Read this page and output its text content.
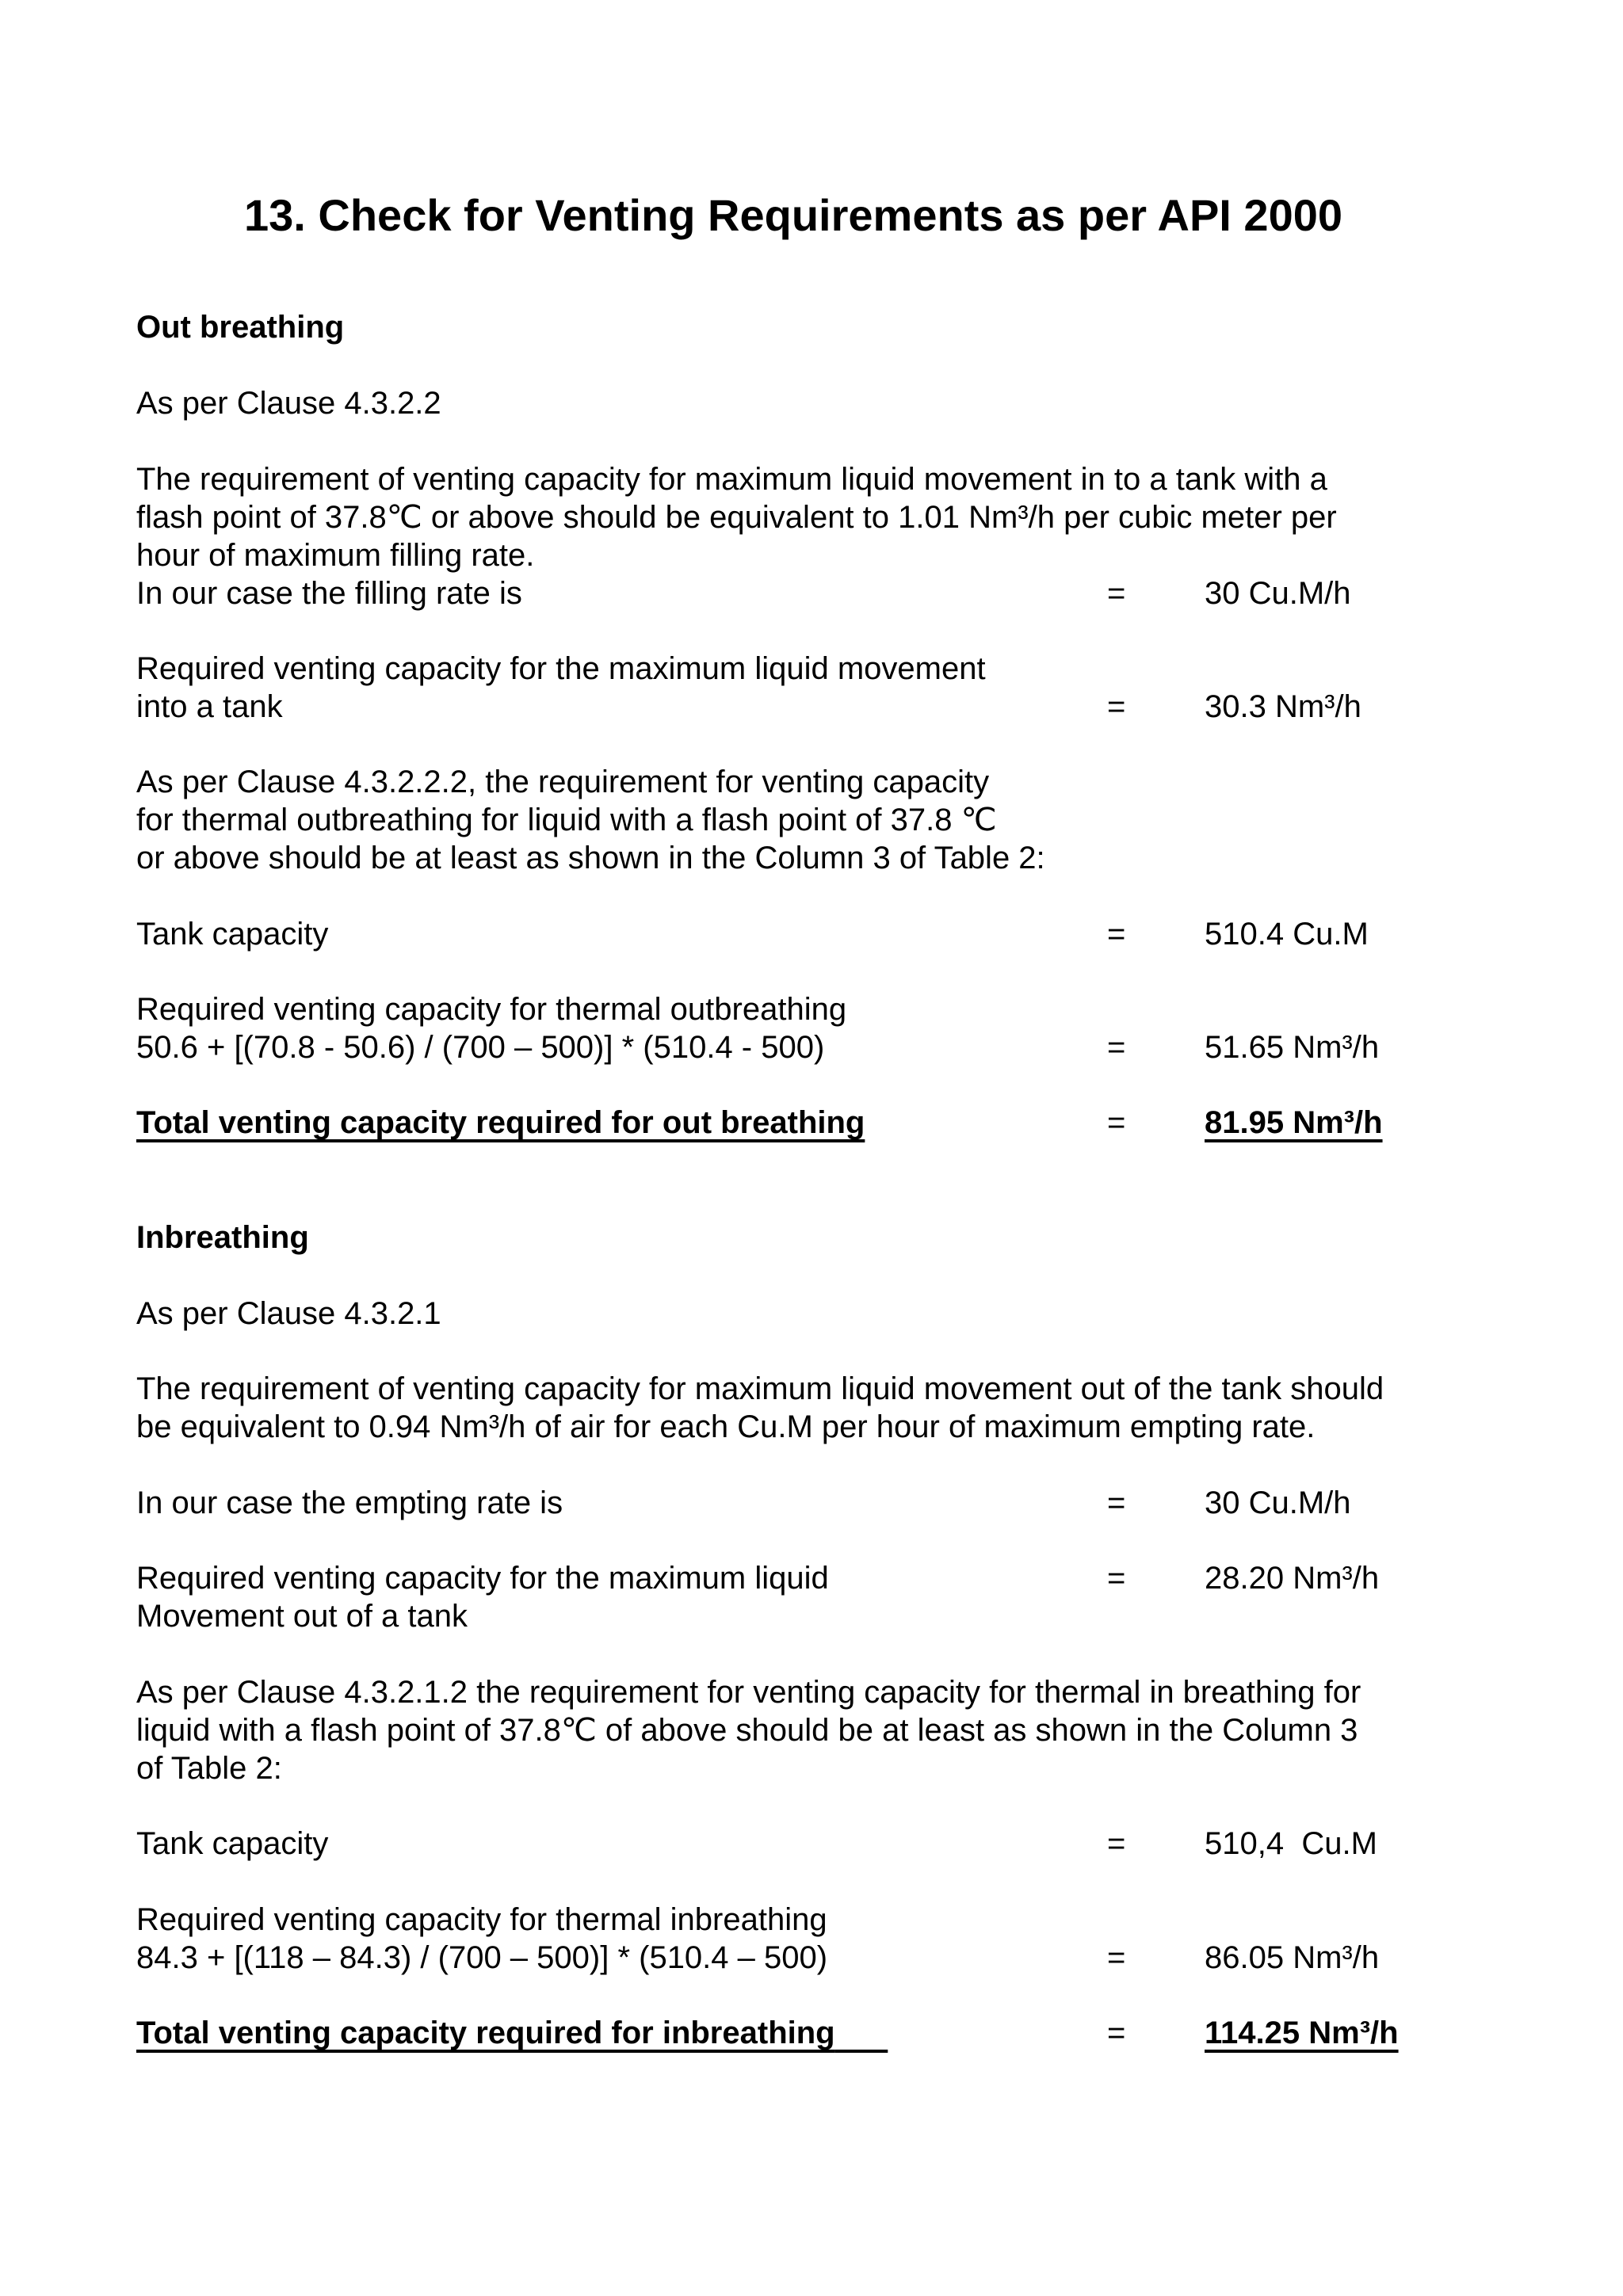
13. Check for Venting Requirements as per API 2000
Out breathing
As per Clause 4.3.2.2
The requirement of venting capacity for maximum liquid movement in to a tank with a
flash point of 37.8℃ or above should be equivalent to 1.01 Nm³/h per cubic meter per
hour of maximum filling rate.
In our case the filling rate is	= 30 Cu.M/h
Required venting capacity for the maximum liquid movement
into a tank	= 30.3 Nm³/h
As per Clause 4.3.2.2.2, the requirement for venting capacity
for thermal outbreathing for liquid with a flash point of 37.8 ℃
or above should be at least as shown in the Column 3 of Table 2:
Tank capacity	= 510.4 Cu.M
Required venting capacity for thermal outbreathing
50.6 + [(70.8 - 50.6) / (700 – 500)] * (510.4 - 500)	= 51.65 Nm³/h
Total venting capacity required for out breathing	= 81.95 Nm³/h
Inbreathing
As per Clause 4.3.2.1
The requirement of venting capacity for maximum liquid movement out of the tank should
be equivalent to 0.94 Nm³/h of air for each Cu.M per hour of maximum empting rate.
In our case the empting rate is	= 30 Cu.M/h
Required venting capacity for the maximum liquid	= 28.20 Nm³/h
Movement out of a tank
As per Clause 4.3.2.1.2 the requirement for venting capacity for thermal in breathing for
liquid with a flash point of 37.8℃ of above should be at least as shown in the Column 3
of Table 2:
Tank capacity	= 510,4  Cu.M
Required venting capacity for thermal inbreathing
84.3 + [(118 – 84.3) / (700 – 500)] * (510.4 – 500)	= 86.05 Nm³/h
Total venting capacity required for inbreathing	= 114.25 Nm³/h
